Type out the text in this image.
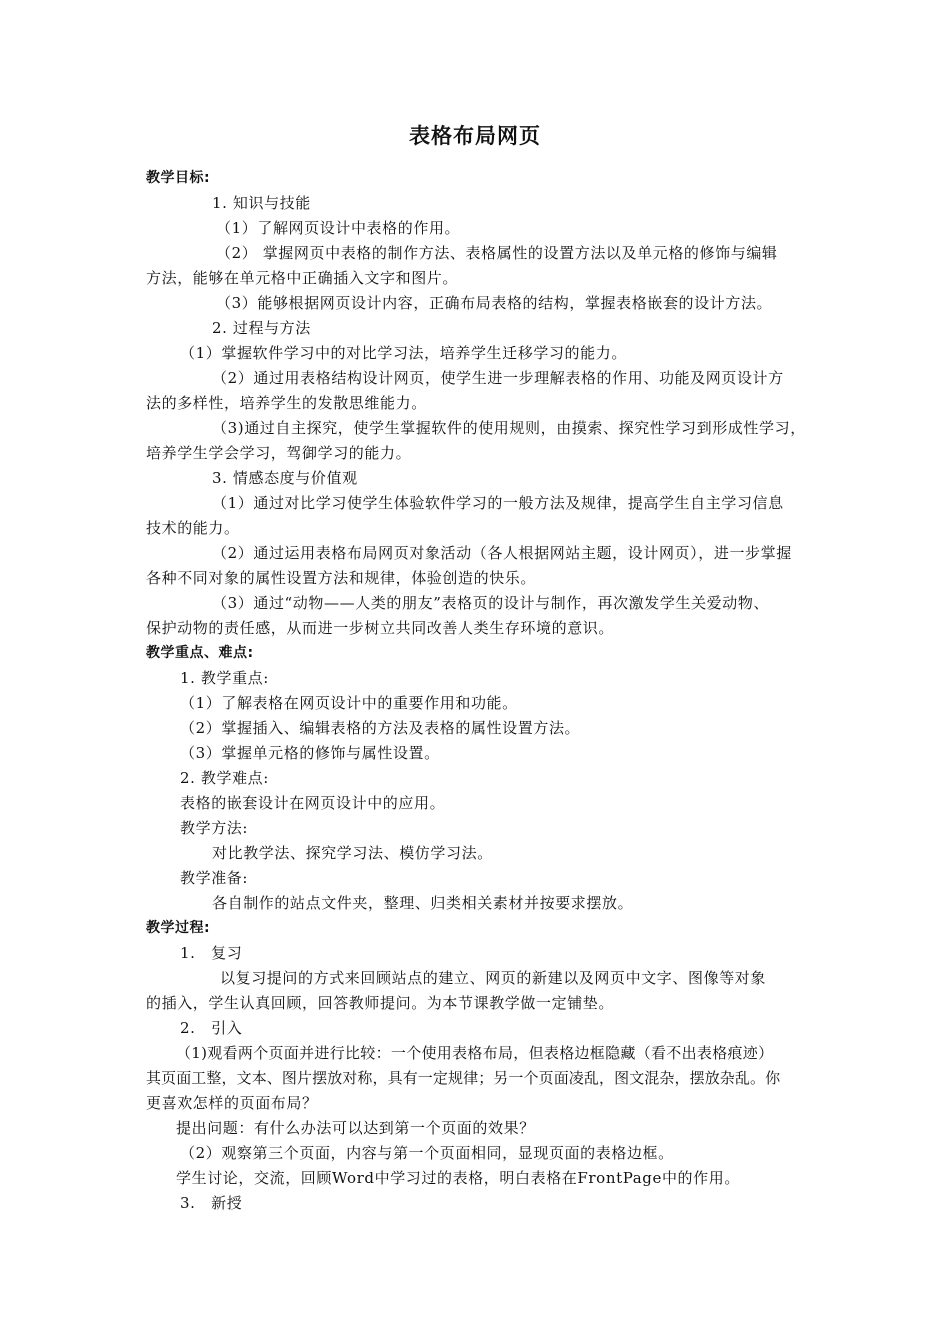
表格布局网页
教学目标:
1. 知识与技能
（1）了解网页设计中表格的作用。
（2） 掌握网页中表格的制作方法、表格属性的设置方法以及单元格的修饰与编辑
方法，能够在单元格中正确插入文字和图片。
（3）能够根据网页设计内容，正确布局表格的结构，掌握表格嵌套的设计方法。
2. 过程与方法
（1）掌握软件学习中的对比学习法，培养学生迁移学习的能力。
（2）通过用表格结构设计网页，使学生进一步理解表格的作用、功能及网页设计方
法的多样性，培养学生的发散思维能力。
（3)通过自主探究，使学生掌握软件的使用规则，由摸索、探究性学习到形成性学习，
培养学生学会学习，驾御学习的能力。
3. 情感态度与价值观
（1）通过对比学习使学生体验软件学习的一般方法及规律，提高学生自主学习信息
技术的能力。
（2）通过运用表格布局网页对象活动（各人根据网站主题，设计网页），进一步掌握
各种不同对象的属性设置方法和规律，体验创造的快乐。
（3）通过“动物——人类的朋友”表格页的设计与制作，再次激发学生关爱动物、
保护动物的责任感，从而进一步树立共同改善人类生存环境的意识。
教学重点、难点:
1. 教学重点:
（1）了解表格在网页设计中的重要作用和功能。
（2）掌握插入、编辑表格的方法及表格的属性设置方法。
（3）掌握单元格的修饰与属性设置。
2. 教学难点:
表格的嵌套设计在网页设计中的应用。
教学方法:
对比教学法、探究学习法、模仿学习法。
教学准备:
各自制作的站点文件夹，整理、归类相关素材并按要求摆放。
教学过程:
1.　复习
以复习提问的方式来回顾站点的建立、网页的新建以及网页中文字、图像等对象
的插入，学生认真回顾，回答教师提问。为本节课教学做一定铺垫。
2.　引入
（1)观看两个页面并进行比较：一个使用表格布局，但表格边框隐藏（看不出表格痕迹）
其页面工整，文本、图片摆放对称，具有一定规律；另一个页面凌乱，图文混杂，摆放杂乱。你
更喜欢怎样的页面布局？
提出问题：有什么办法可以达到第一个页面的效果？
（2）观察第三个页面，内容与第一个页面相同，显现页面的表格边框。
学生讨论，交流，回顾Word中学习过的表格，明白表格在FrontPage中的作用。
3.　新授
